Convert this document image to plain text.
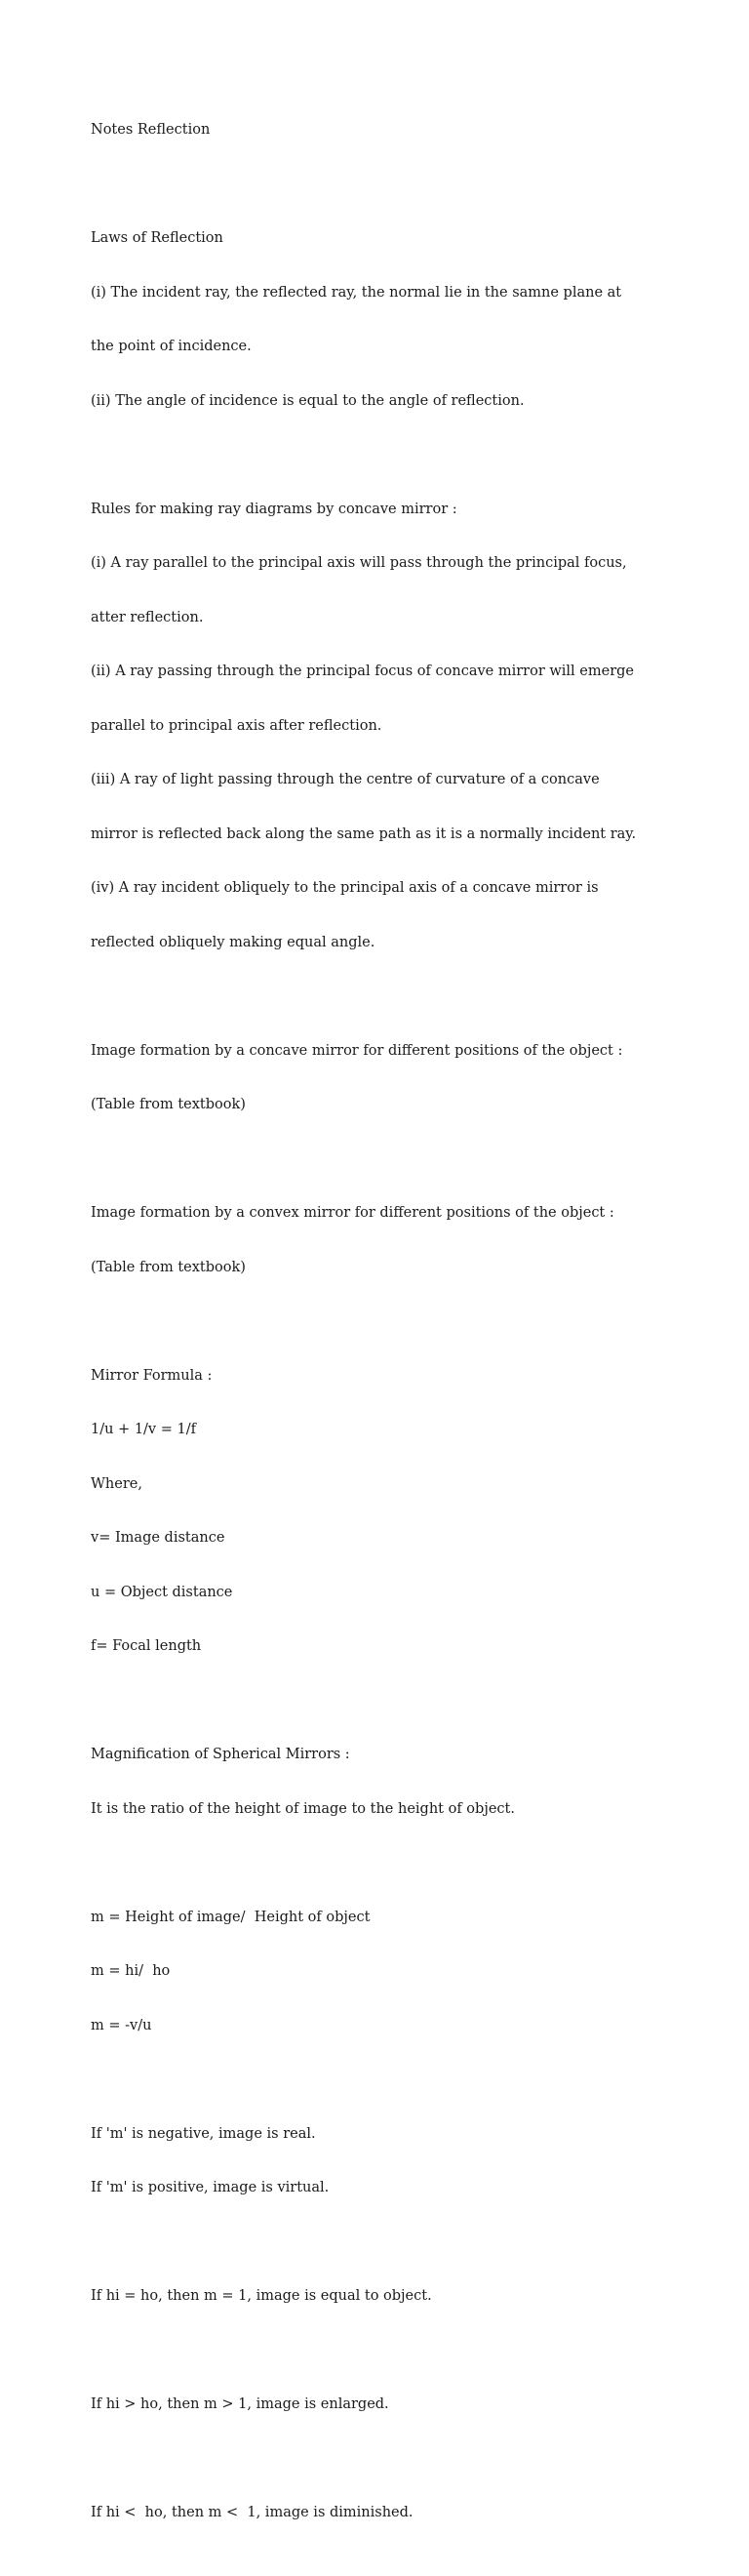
Notes Reflection

Laws of Reflection

(i) The incident ray, the reflected ray, the normal lie in the samne plane at

the point of incidence.

(ii) The angle of incidence is equal to the angle of reflection.

Rules for making ray diagrams by concave mirror :

(i) A ray parallel to the principal axis will pass through the principal focus,

atter reflection.

(ii) A ray passing through the principal focus of concave mirror will emerge

parallel to principal axis after reflection.

(iii) A ray of light passing through the centre of curvature of a concave

mirror is reflected back along the same path as it is a normally incident ray.

(iv) A ray incident obliquely to the principal axis of a concave mirror is

reflected obliquely making equal angle.

Image formation by a concave mirror for different positions of the object :

(Table from textbook)

Image formation by a convex mirror for different positions of the object :

(Table from textbook)

Mirror Formula :

1/u + 1/v = 1/f

Where,

v= Image distance

u = Object distance

f= Focal length

Magnification of Spherical Mirrors :

It is the ratio of the height of image to the height of object.

m = Height of image/  Height of object

m = hi/  ho

m = -v/u

If 'm' is negative, image is real.

If 'm' is positive, image is virtual.

If hi = ho, then m = 1, image is equal to object.

If hi > ho, then m > 1, image is enlarged.

If hi <  ho, then m <  1, image is diminished.
